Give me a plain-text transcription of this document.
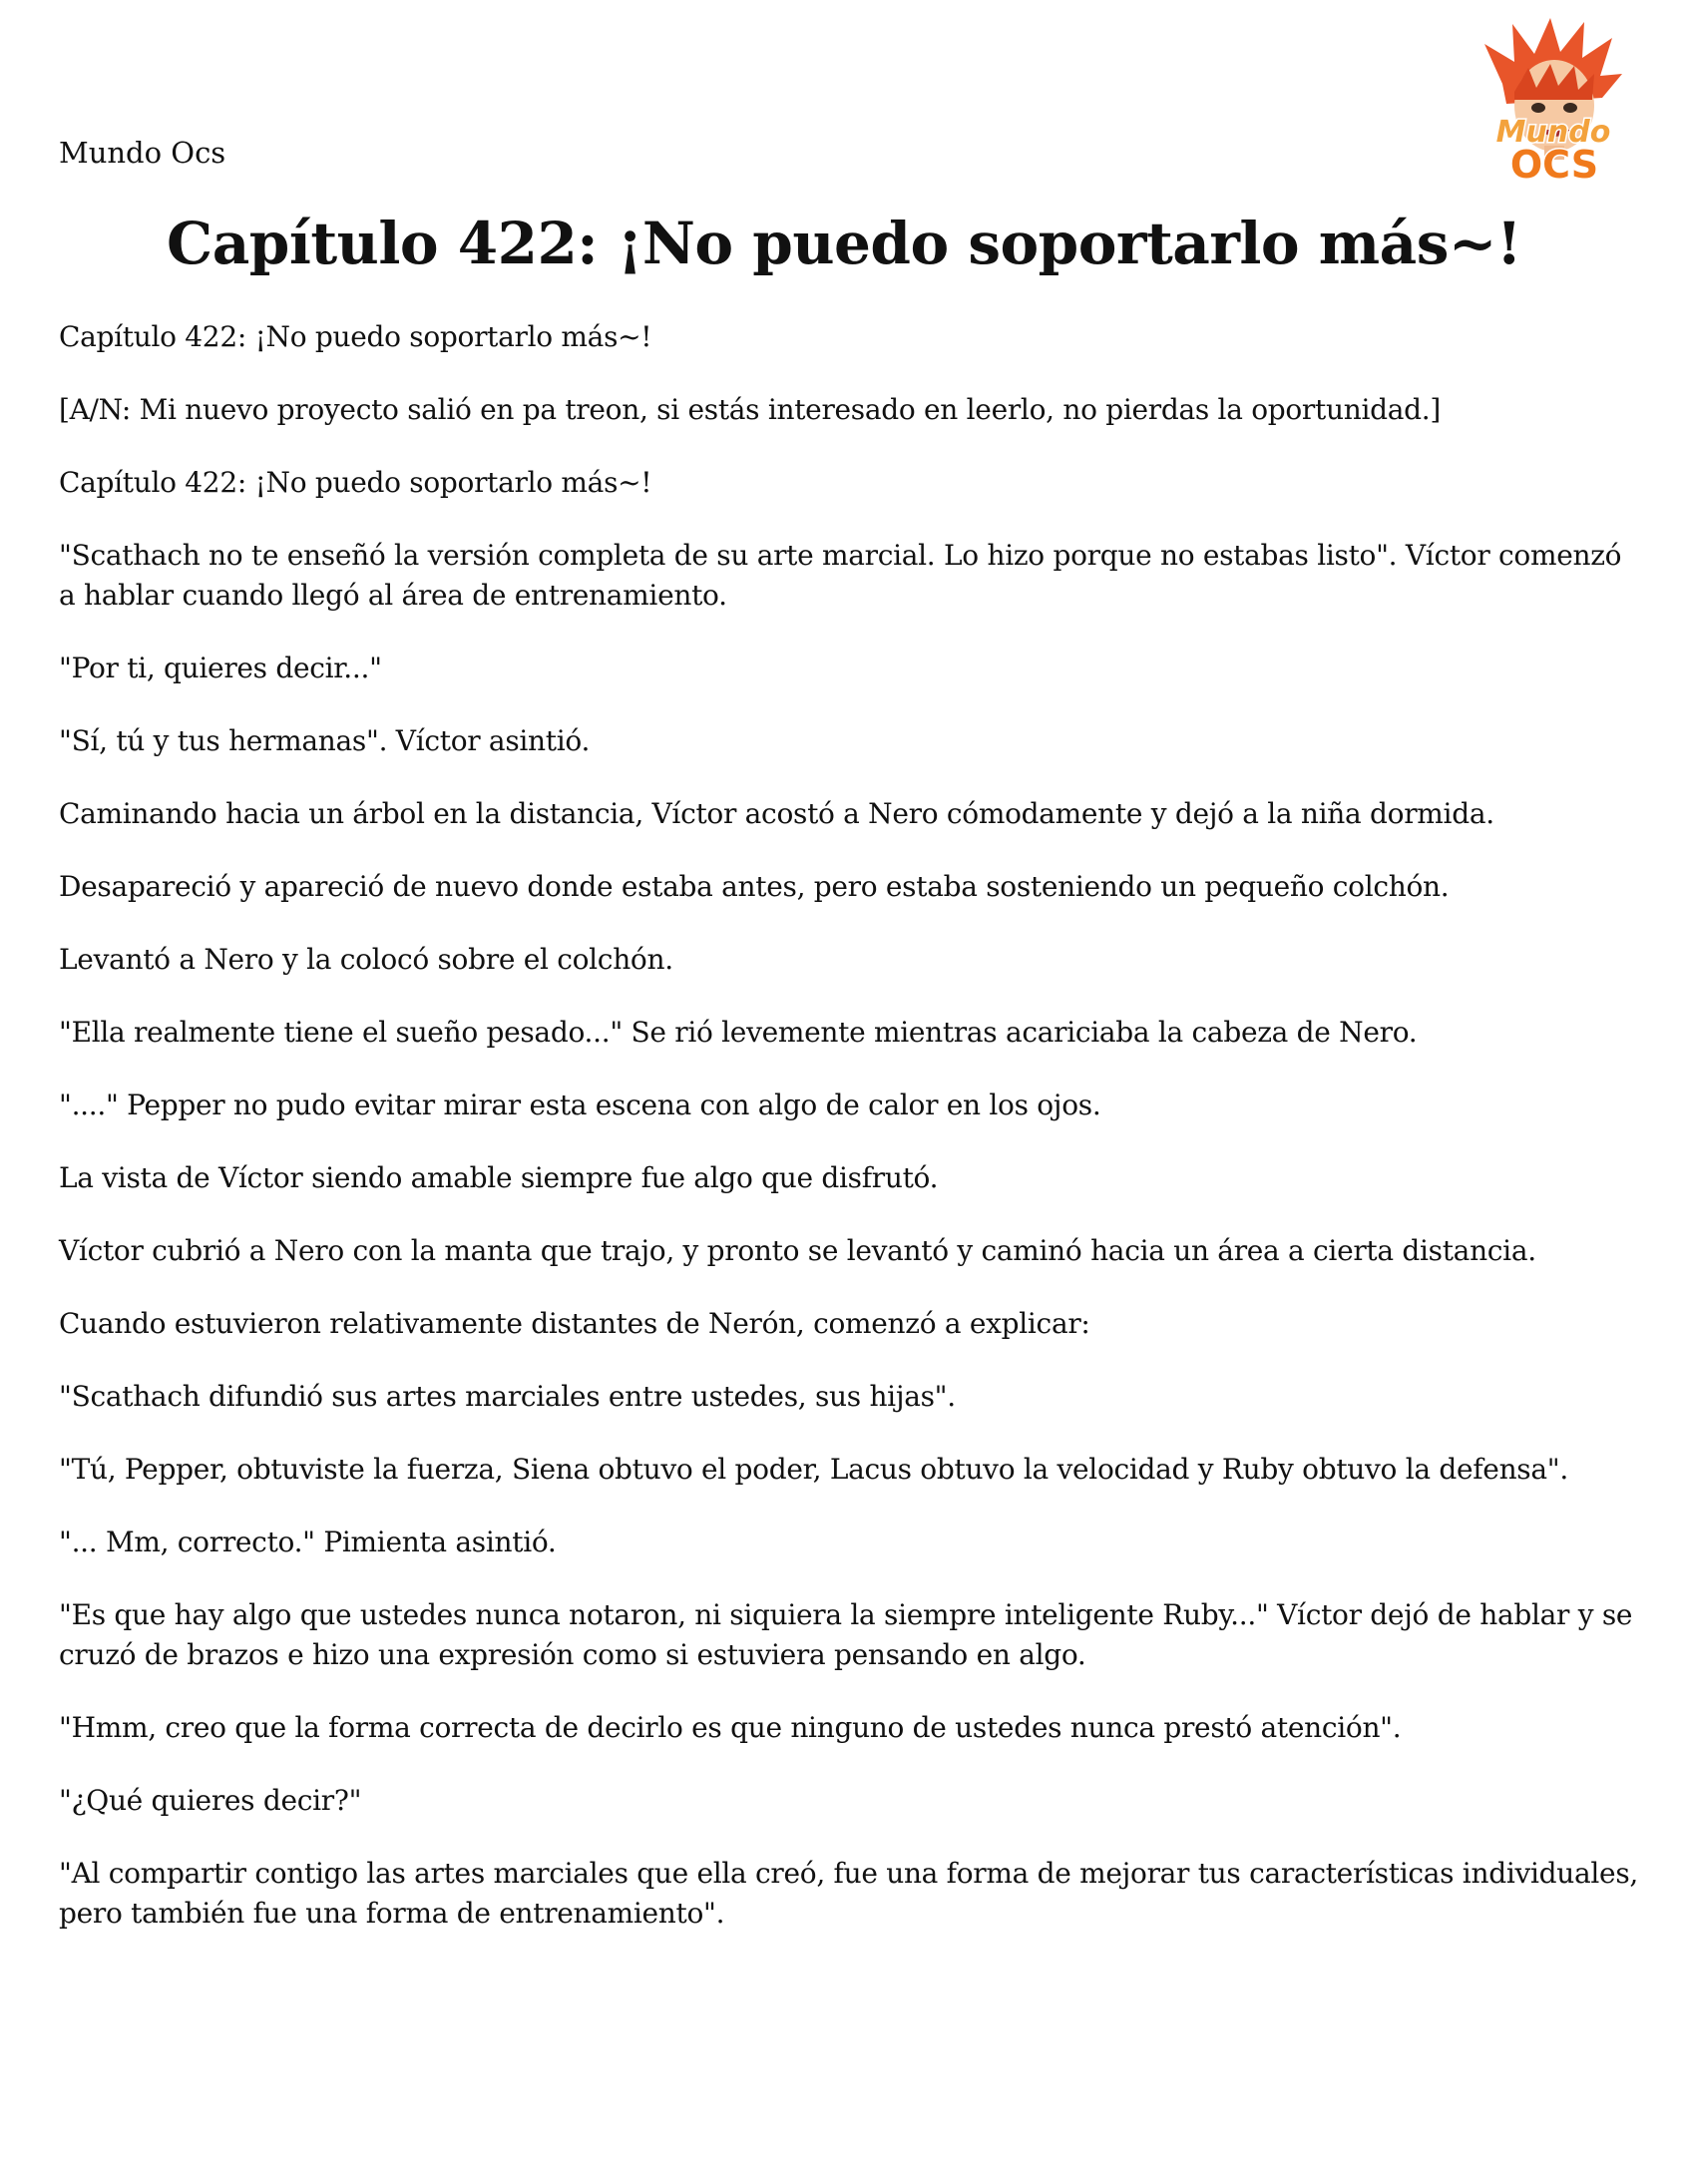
Mundo Ocs

Mundo
OCS
Capítulo 422: ¡No puedo soportarlo más~!

Capítulo 422: ¡No puedo soportarlo más~!

[A/N: Mi nuevo proyecto salió en pa treon, si estás interesado en leerlo, no pierdas la oportunidad.]

Capítulo 422: ¡No puedo soportarlo más~!

"Scathach no te enseñó la versión completa de su arte marcial. Lo hizo porque no estabas listo". Víctor comenzó a hablar cuando llegó al área de entrenamiento.

"Por ti, quieres decir..."

"Sí, tú y tus hermanas". Víctor asintió.

Caminando hacia un árbol en la distancia, Víctor acostó a Nero cómodamente y dejó a la niña dormida.

Desapareció y apareció de nuevo donde estaba antes, pero estaba sosteniendo un pequeño colchón.

Levantó a Nero y la colocó sobre el colchón.

"Ella realmente tiene el sueño pesado..." Se rió levemente mientras acariciaba la cabeza de Nero.

"...." Pepper no pudo evitar mirar esta escena con algo de calor en los ojos.

La vista de Víctor siendo amable siempre fue algo que disfrutó.

Víctor cubrió a Nero con la manta que trajo, y pronto se levantó y caminó hacia un área a cierta distancia.

Cuando estuvieron relativamente distantes de Nerón, comenzó a explicar:

"Scathach difundió sus artes marciales entre ustedes, sus hijas".

"Tú, Pepper, obtuviste la fuerza, Siena obtuvo el poder, Lacus obtuvo la velocidad y Ruby obtuvo la defensa".

"... Mm, correcto." Pimienta asintió.

"Es que hay algo que ustedes nunca notaron, ni siquiera la siempre inteligente Ruby..." Víctor dejó de hablar y se cruzó de brazos e hizo una expresión como si estuviera pensando en algo.

"Hmm, creo que la forma correcta de decirlo es que ninguno de ustedes nunca prestó atención".

"¿Qué quieres decir?"

"Al compartir contigo las artes marciales que ella creó, fue una forma de mejorar tus características individuales, pero también fue una forma de entrenamiento".
